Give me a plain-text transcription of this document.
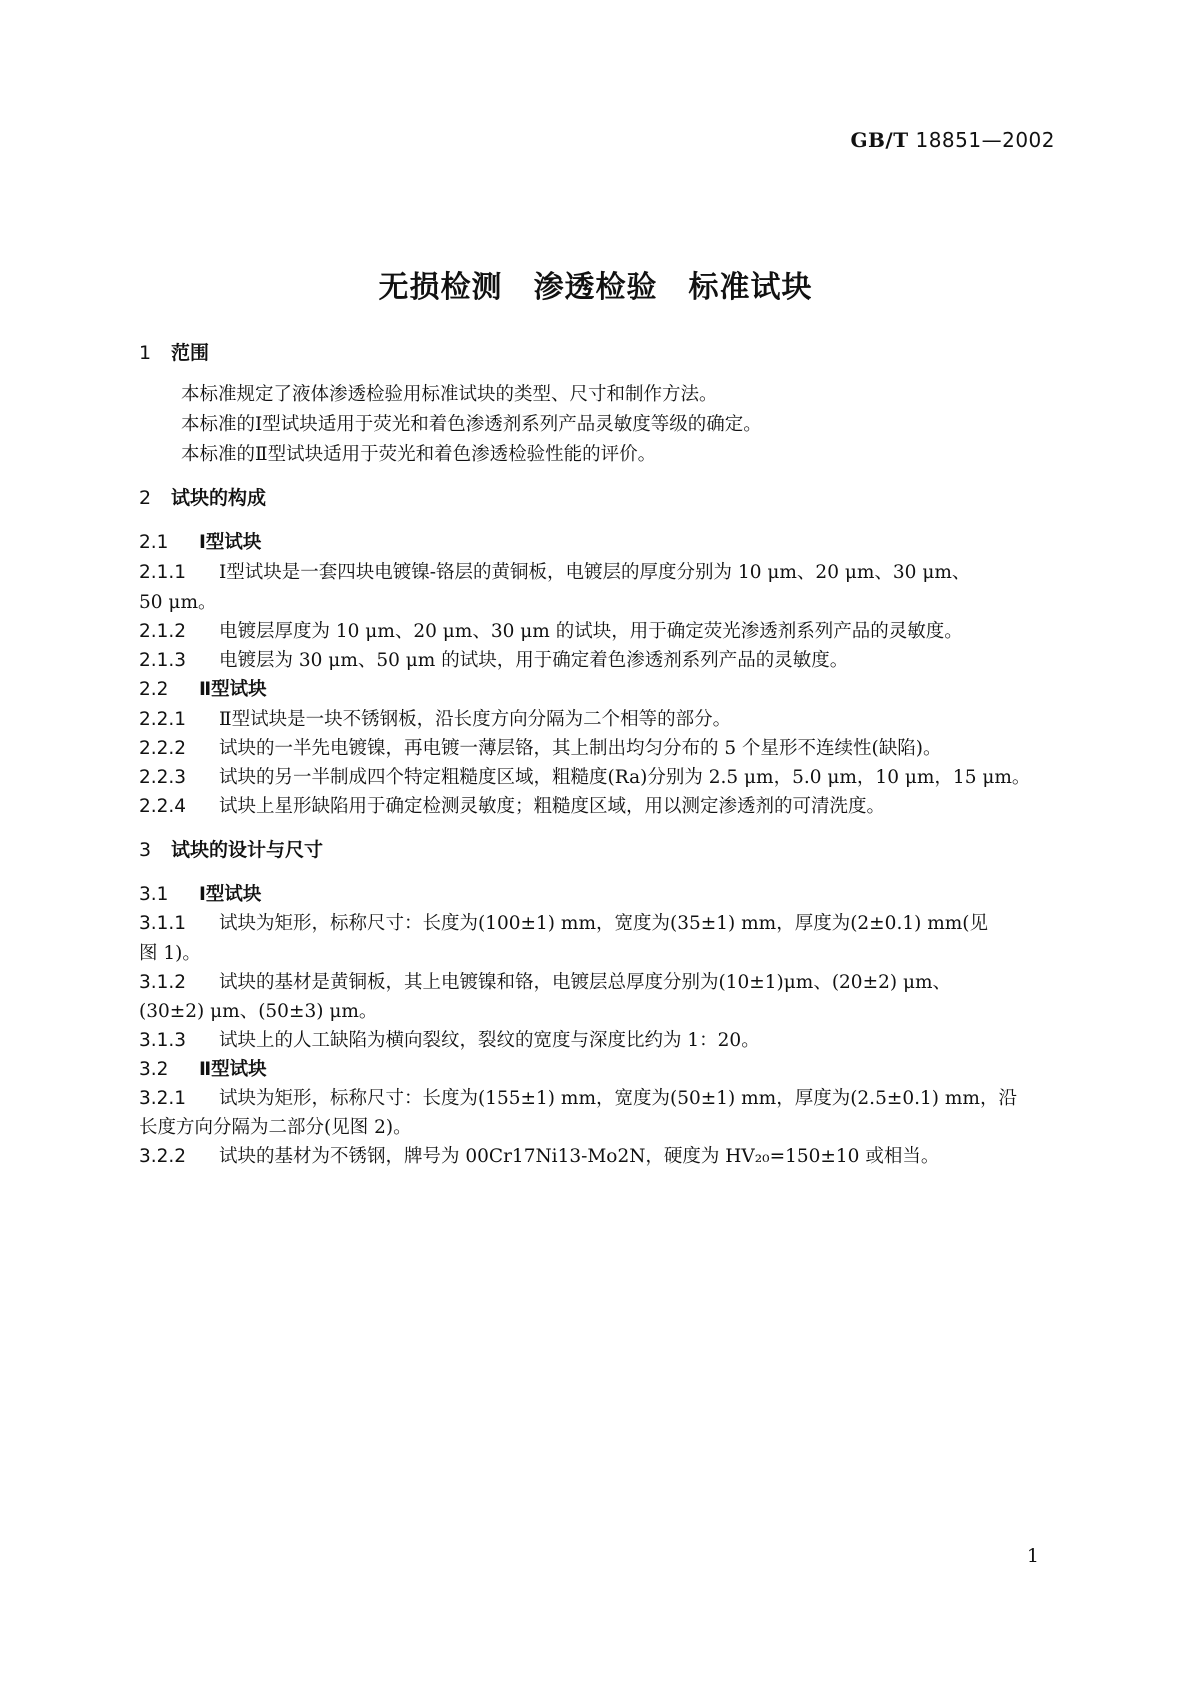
GB/T 18851—2002
无损检测　渗透检验　标准试块
1 范围
本标准规定了液体渗透检验用标准试块的类型、尺寸和制作方法。
本标准的Ⅰ型试块适用于荧光和着色渗透剂系列产品灵敏度等级的确定。
本标准的Ⅱ型试块适用于荧光和着色渗透检验性能的评价。
2 试块的构成
2.1 Ⅰ型试块
2.1.1 Ⅰ型试块是一套四块电镀镍-铬层的黄铜板，电镀层的厚度分别为 10 μm、20 μm、30 μm、
50 μm。
2.1.2 电镀层厚度为 10 μm、20 μm、30 μm 的试块，用于确定荧光渗透剂系列产品的灵敏度。
2.1.3 电镀层为 30 μm、50 μm 的试块，用于确定着色渗透剂系列产品的灵敏度。
2.2 Ⅱ型试块
2.2.1 Ⅱ型试块是一块不锈钢板，沿长度方向分隔为二个相等的部分。
2.2.2 试块的一半先电镀镍，再电镀一薄层铬，其上制出均匀分布的 5 个星形不连续性(缺陷)。
2.2.3 试块的另一半制成四个特定粗糙度区域，粗糙度(Ra)分别为 2.5 μm，5.0 μm，10 μm，15 μm。
2.2.4 试块上星形缺陷用于确定检测灵敏度；粗糙度区域，用以测定渗透剂的可清洗度。
3 试块的设计与尺寸
3.1 Ⅰ型试块
3.1.1 试块为矩形，标称尺寸：长度为(100±1) mm，宽度为(35±1) mm，厚度为(2±0.1) mm(见
图 1)。
3.1.2 试块的基材是黄铜板，其上电镀镍和铬，电镀层总厚度分别为(10±1)μm、(20±2) μm、
(30±2) μm、(50±3) μm。
3.1.3 试块上的人工缺陷为横向裂纹，裂纹的宽度与深度比约为 1：20。
3.2 Ⅱ型试块
3.2.1 试块为矩形，标称尺寸：长度为(155±1) mm，宽度为(50±1) mm，厚度为(2.5±0.1) mm，沿
长度方向分隔为二部分(见图 2)。
3.2.2 试块的基材为不锈钢，牌号为 00Cr17Ni13-Mo2N，硬度为 HV₂₀=150±10 或相当。
1
